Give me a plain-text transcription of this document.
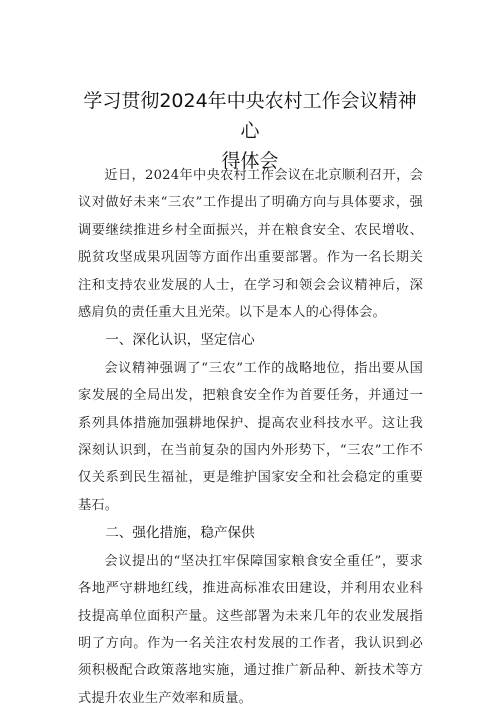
学习贯彻2024年中央农村工作会议精神心
得体会

近日，2024年中央农村工作会议在北京顺利召开，会议对做好未来“三农”工作提出了明确方向与具体要求，强调要继续推进乡村全面振兴，并在粮食安全、农民增收、脱贫攻坚成果巩固等方面作出重要部署。作为一名长期关注和支持农业发展的人士，在学习和领会会议精神后，深感肩负的责任重大且光荣。以下是本人的心得体会。

一、深化认识，坚定信心

会议精神强调了“三农”工作的战略地位，指出要从国家发展的全局出发，把粮食安全作为首要任务，并通过一系列具体措施加强耕地保护、提高农业科技水平。这让我深刻认识到，在当前复杂的国内外形势下，“三农”工作不仅关系到民生福祉，更是维护国家安全和社会稳定的重要基石。

二、强化措施，稳产保供

会议提出的“坚决扛牢保障国家粮食安全重任”，要求各地严守耕地红线，推进高标准农田建设，并利用农业科技提高单位面积产量。这些部署为未来几年的农业发展指明了方向。作为一名关注农村发展的工作者，我认识到必须积极配合政策落地实施，通过推广新品种、新技术等方式提升农业生产效率和质量。
